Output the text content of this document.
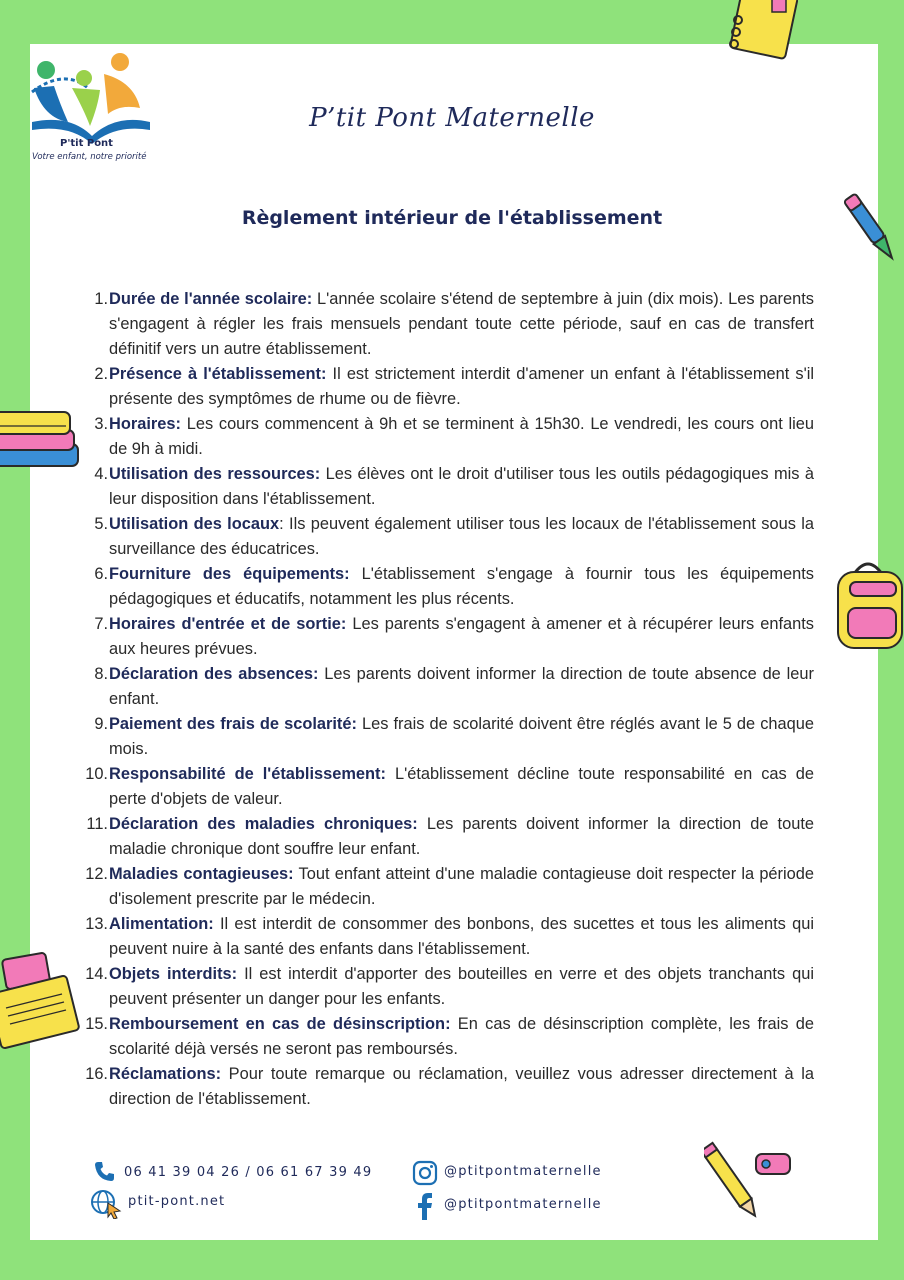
P'tit Pont
Votre enfant, notre priorité
P’tit Pont Maternelle
Règlement intérieur de l'établissement
1. Durée de l'année scolaire: L'année scolaire s'étend de septembre à juin (dix mois). Les parents s'engagent à régler les frais mensuels pendant toute cette période, sauf en cas de transfert définitif vers un autre établissement.
2. Présence à l'établissement: Il est strictement interdit d'amener un enfant à l'établissement s'il présente des symptômes de rhume ou de fièvre.
3. Horaires: Les cours commencent à 9h et se terminent à 15h30. Le vendredi, les cours ont lieu de 9h à midi.
4. Utilisation des ressources: Les élèves ont le droit d'utiliser tous les outils pédagogiques mis à leur disposition dans l'établissement.
5. Utilisation des locaux: Ils peuvent également utiliser tous les locaux de l'établissement sous la surveillance des éducatrices.
6. Fourniture des équipements: L'établissement s'engage à fournir tous les équipements pédagogiques et éducatifs, notamment les plus récents.
7. Horaires d'entrée et de sortie: Les parents s'engagent à amener et à récupérer leurs enfants aux heures prévues.
8. Déclaration des absences: Les parents doivent informer la direction de toute absence de leur enfant.
9. Paiement des frais de scolarité: Les frais de scolarité doivent être réglés avant le 5 de chaque mois.
10. Responsabilité de l'établissement: L'établissement décline toute responsabilité en cas de perte d'objets de valeur.
11. Déclaration des maladies chroniques: Les parents doivent informer la direction de toute maladie chronique dont souffre leur enfant.
12. Maladies contagieuses: Tout enfant atteint d'une maladie contagieuse doit respecter la période d'isolement prescrite par le médecin.
13. Alimentation: Il est interdit de consommer des bonbons, des sucettes et tous les aliments qui peuvent nuire à la santé des enfants dans l'établissement.
14. Objets interdits: Il est interdit d'apporter des bouteilles en verre et des objets tranchants qui peuvent présenter un danger pour les enfants.
15. Remboursement en cas de désinscription: En cas de désinscription complète, les frais de scolarité déjà versés ne seront pas remboursés.
16. Réclamations: Pour toute remarque ou réclamation, veuillez vous adresser directement à la direction de l'établissement.
06 41 39 04 26 / 06 61 67 39 49
ptit-pont.net
@ptitpontmaternelle
@ptitpontmaternelle
